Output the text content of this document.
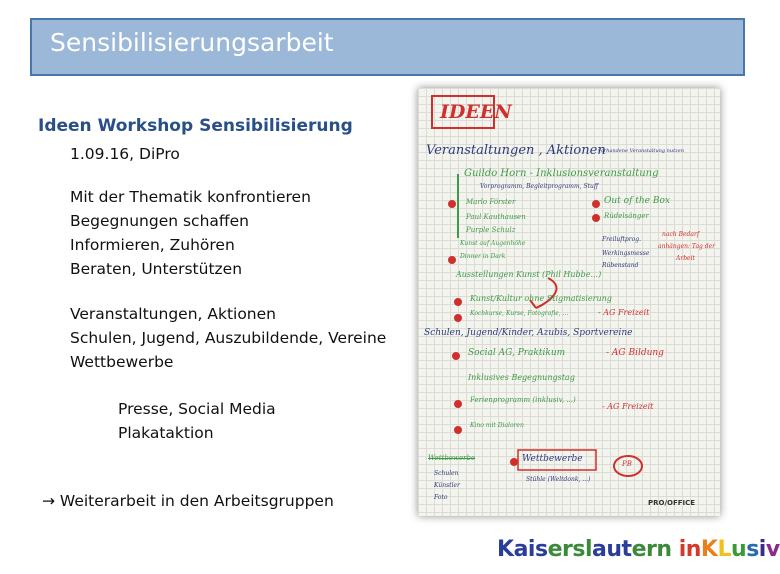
Sensibilisierungsarbeit
Ideen Workshop Sensibilisierung
1.09.16, DiPro
Mit der Thematik konfrontieren
Begegnungen schaffen
Informieren, Zuhören
Beraten, Unterstützen
Veranstaltungen, Aktionen
Schulen, Jugend, Auszubildende, Vereine
Wettbewerbe
Presse, Social Media
Plakataktion
→ Weiterarbeit in den Arbeitsgruppen
IDEEN
Veranstaltungen , Aktionen
vorhandene Veranstaltung nutzen
Guildo Horn - Inklusionsveranstaltung
Vorprogramm, Begleitprogramm, Stuff
Marlo Förster	Out of the Box
Paul Kauthausen	Rüdelsänger
Purple Schulz
Kunst auf Augenhöhe
Freiluftprog.
nach Bedarf
Dinner in Dark	Werkingsmesse
anhängen: Tag der
Ausstellungen Kunst (Phil Hubbe...)
Rübenstand
Arbeit
Kunst/Kultur ohne Stigmatisierung
Kochkurse, Kurse, Fotografie, ...	- AG Freizeit
Schulen, Jugend/Kinder, Azubis, Sportvereine
Social AG, Praktikum	- AG Bildung
Inklusives Begegnungstag
Ferienprogramm (inklusiv, ...)
- AG Freizeit
Kino mit Dialoren
Wettbewerbe	Wettbewerbe	PB
Schulen
Stühle (Weltdonk, ...)
Künstler
Foto
PRO/OFFICE
Kaiserslautern inKLusiv
